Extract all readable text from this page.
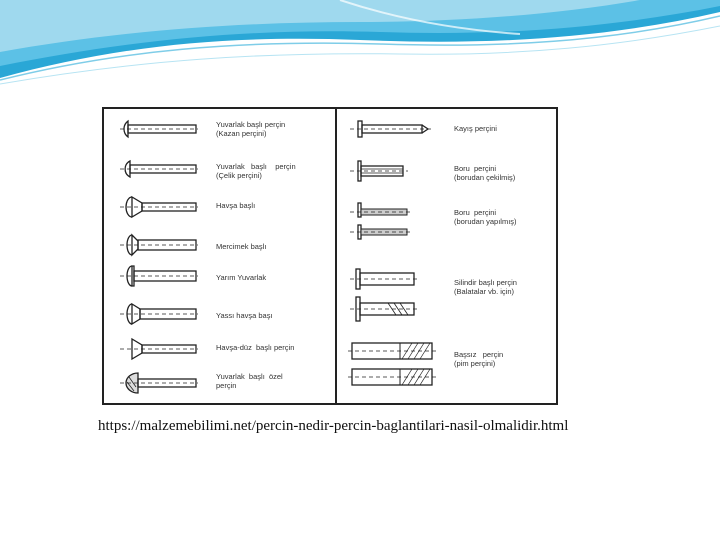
Yuvarlak başlı perçin
(Kazan perçini)
Yuvarlak   başlı    perçin
(Çelik perçini)
Havşa başlı
Mercimek başlı
Yarım Yuvarlak
Yassı havşa başı
Havşa-düz  başlı perçin
Yuvarlak  başlı  özel
perçin
Kayış perçini
Boru  perçini
(borudan çekilmiş)
Boru  perçini
(borudan yapılmış)
Silindir başlı perçin
(Balatalar vb. için)
Başsız   perçin
(pim perçini)
https://malzemebilimi.net/percin-nedir-percin-baglantilari-nasil-olmalidir.html
